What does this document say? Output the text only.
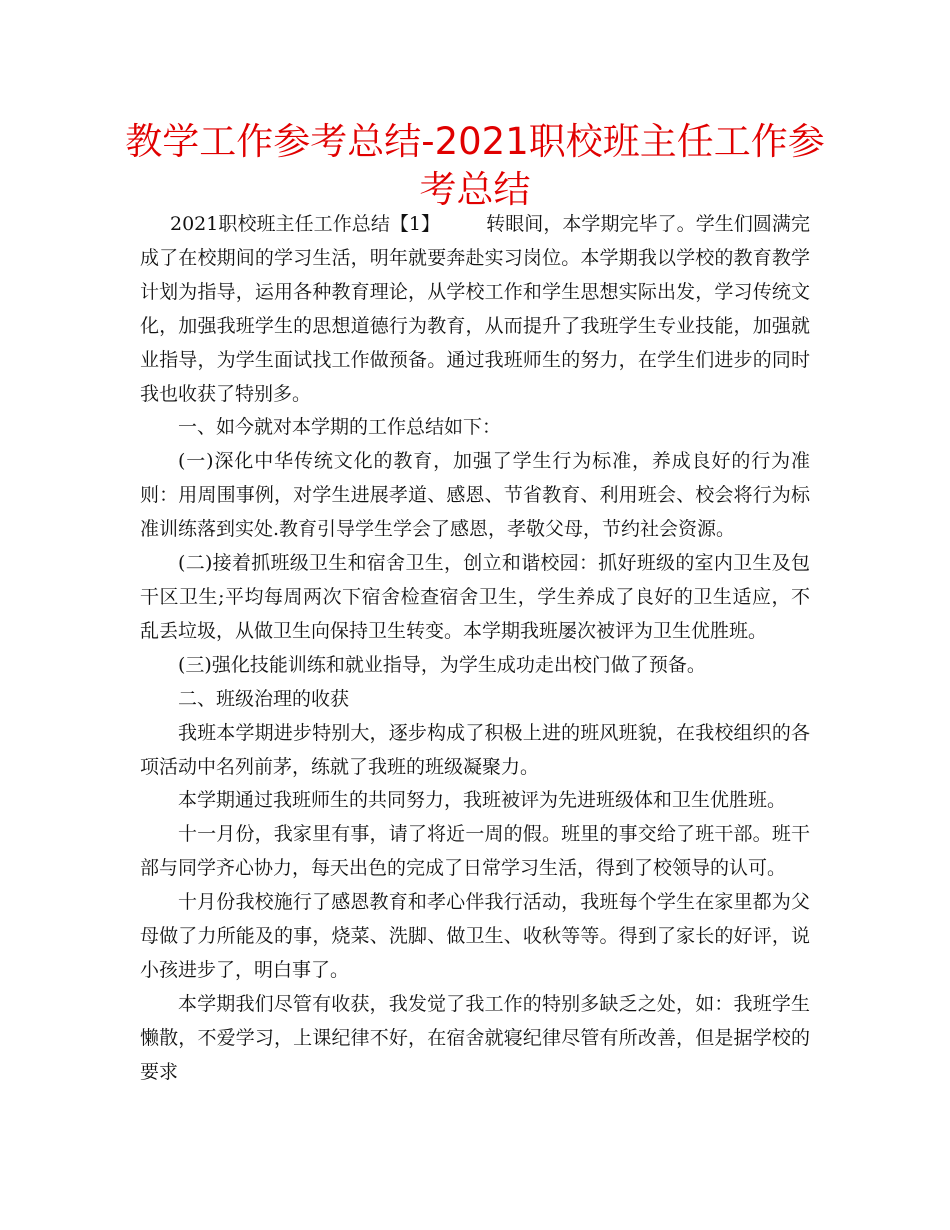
教学工作参考总结-2021职校班主任工作参考总结

2021职校班主任工作总结【1】 转眼间，本学期完毕了。学生们圆满完成了在校期间的学习生活，明年就要奔赴实习岗位。本学期我以学校的教育教学计划为指导，运用各种教育理论，从学校工作和学生思想实际出发，学习传统文化，加强我班学生的思想道德行为教育，从而提升了我班学生专业技能，加强就业指导，为学生面试找工作做预备。通过我班师生的努力，在学生们进步的同时我也收获了特别多。

一、如今就对本学期的工作总结如下：

(一)深化中华传统文化的教育，加强了学生行为标准，养成良好的行为准则：用周围事例，对学生进展孝道、感恩、节省教育、利用班会、校会将行为标准训练落到实处.教育引导学生学会了感恩，孝敬父母，节约社会资源。

(二)接着抓班级卫生和宿舍卫生，创立和谐校园：抓好班级的室内卫生及包干区卫生;平均每周两次下宿舍检查宿舍卫生，学生养成了良好的卫生适应，不乱丢垃圾，从做卫生向保持卫生转变。本学期我班屡次被评为卫生优胜班。

(三)强化技能训练和就业指导，为学生成功走出校门做了预备。

二、班级治理的收获

我班本学期进步特别大，逐步构成了积极上进的班风班貌，在我校组织的各项活动中名列前茅，练就了我班的班级凝聚力。

本学期通过我班师生的共同努力，我班被评为先进班级体和卫生优胜班。

十一月份，我家里有事，请了将近一周的假。班里的事交给了班干部。班干部与同学齐心协力，每天出色的完成了日常学习生活，得到了校领导的认可。

十月份我校施行了感恩教育和孝心伴我行活动，我班每个学生在家里都为父母做了力所能及的事，烧菜、洗脚、做卫生、收秋等等。得到了家长的好评，说小孩进步了，明白事了。

本学期我们尽管有收获，我发觉了我工作的特别多缺乏之处，如：我班学生懒散，不爱学习，上课纪律不好，在宿舍就寝纪律尽管有所改善，但是据学校的要求
